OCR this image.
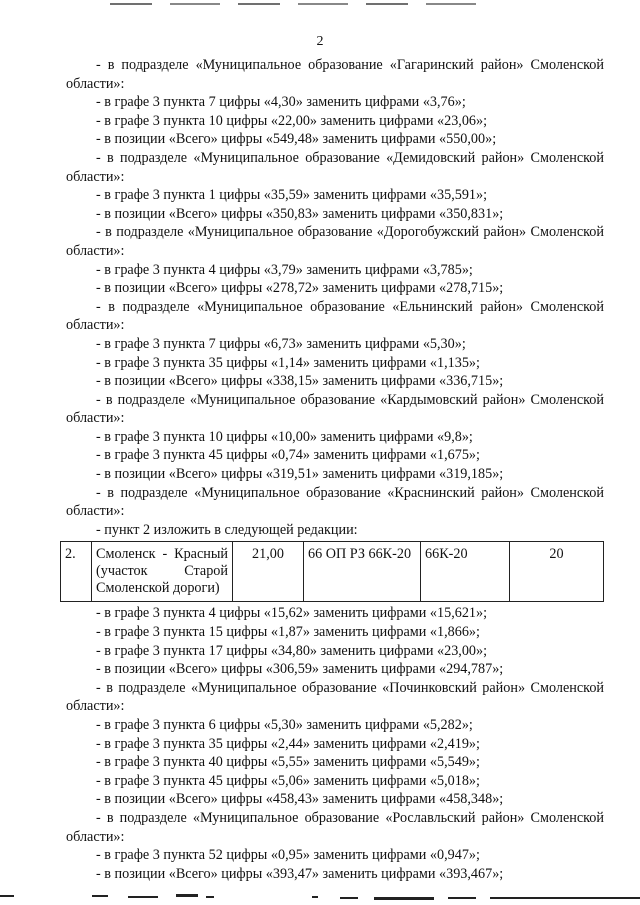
2

- в подразделе «Муниципальное образование «Гагаринский район» Смоленской области»:

- в графе 3 пункта 7 цифры «4,30» заменить цифрами «3,76»;

- в графе 3 пункта 10 цифры «22,00» заменить цифрами «23,06»;

- в позиции «Всего» цифры «549,48» заменить цифрами «550,00»;

- в подразделе «Муниципальное образование «Демидовский район» Смоленской области»:

- в графе 3 пункта 1 цифры «35,59» заменить цифрами «35,591»;

- в позиции «Всего» цифры «350,83» заменить цифрами «350,831»;

- в подразделе «Муниципальное образование «Дорогобужский район» Смоленской области»:

- в графе 3 пункта 4 цифры «3,79» заменить цифрами «3,785»;

- в позиции «Всего» цифры «278,72» заменить цифрами «278,715»;

- в подразделе «Муниципальное образование «Ельнинский район» Смоленской области»:

- в графе 3 пункта 7 цифры «6,73» заменить цифрами «5,30»;

- в графе 3 пункта 35 цифры «1,14» заменить цифрами «1,135»;

- в позиции «Всего» цифры «338,15» заменить цифрами «336,715»;

- в подразделе «Муниципальное образование «Кардымовский район» Смоленской области»:

- в графе 3 пункта 10 цифры «10,00» заменить цифрами «9,8»;

- в графе 3 пункта 45 цифры «0,74» заменить цифрами «1,675»;

- в позиции «Всего» цифры «319,51» заменить цифрами «319,185»;

- в подразделе «Муниципальное образование «Краснинский район» Смоленской области»:

- пункт 2 изложить в следующей редакции:

2.	Смоленск - Красный (участок Старой Смоленской дороги)	21,00	66 ОП РЗ 66К-20	66К-20	20

- в графе 3 пункта 4 цифры «15,62» заменить цифрами «15,621»;

- в графе 3 пункта 15 цифры «1,87» заменить цифрами «1,866»;

- в графе 3 пункта 17 цифры «34,80» заменить цифрами «23,00»;

- в позиции «Всего» цифры «306,59» заменить цифрами «294,787»;

- в подразделе «Муниципальное образование «Починковский район» Смоленской области»:

- в графе 3 пункта 6 цифры «5,30» заменить цифрами «5,282»;

- в графе 3 пункта 35 цифры «2,44» заменить цифрами «2,419»;

- в графе 3 пункта 40 цифры «5,55» заменить цифрами «5,549»;

- в графе 3 пункта 45 цифры «5,06» заменить цифрами «5,018»;

- в позиции «Всего» цифры «458,43» заменить цифрами «458,348»;

- в подразделе «Муниципальное образование «Рославльский район» Смоленской области»:

- в графе 3 пункта 52 цифры «0,95» заменить цифрами «0,947»;

- в позиции «Всего» цифры «393,47» заменить цифрами «393,467»;
